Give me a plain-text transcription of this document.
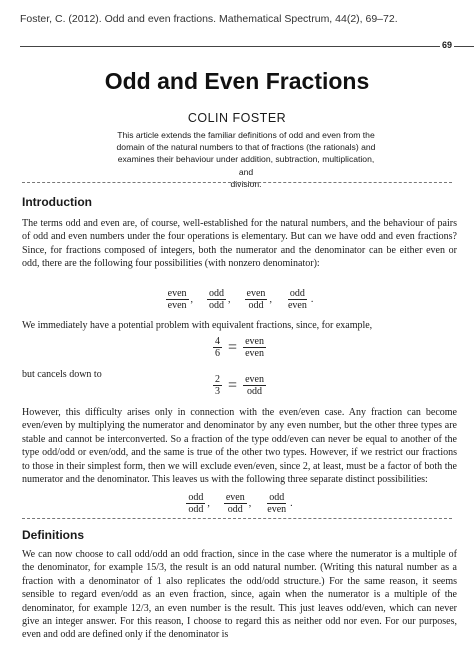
Foster, C. (2012). Odd and even fractions. Mathematical Spectrum, 44(2), 69–72.
69
Odd and Even Fractions
COLIN FOSTER
This article extends the familiar definitions of odd and even from the
domain of the natural numbers to that of fractions (the rationals) and
examines their behaviour under addition, subtraction, multiplication, and
division.
Introduction
The terms odd and even are, of course, well-established for the natural numbers, and the behaviour of pairs of odd and even numbers under the four operations is elementary. But can we have odd and even fractions? Since, for fractions composed of integers, both the numerator and the denominator can be either even or odd, there are the following four possibilities (with nonzero denominator):
$\frac{\text{even}}{\text{even}}$ , $\frac{\text{odd}}{\text{odd}}$ , $\frac{\text{even}}{\text{odd}}$ , $\frac{\text{odd}}{\text{even}}$ .
We immediately have a potential problem with equivalent fractions, since, for example,
$\frac{4}{6} = \frac{\text{even}}{\text{even}}$
but cancels down to	$\frac{2}{3} = \frac{\text{even}}{\text{odd}}$
However, this difficulty arises only in connection with the even/even case. Any fraction can become even/even by multiplying the numerator and denominator by any even number, but the other three types are stable and cannot be interconverted. So a fraction of the type odd/even can never be equal to another of the type odd/odd or even/odd, and the same is true of the other two types. However, if we restrict our fractions to those in their simplest form, then we will exclude even/even, since 2, at least, must be a factor of both the numerator and the denominator. This leaves us with the following three separate distinct possibilities:
$\frac{\text{odd}}{\text{odd}}$ , $\frac{\text{even}}{\text{odd}}$ , $\frac{\text{odd}}{\text{even}}$ .
Definitions
We can now choose to call odd/odd an odd fraction, since in the case where the numerator is a multiple of the denominator, for example 15/3, the result is an odd natural number. (Writing this natural number as a fraction with a denominator of 1 also replicates the odd/odd structure.) For the same reason, it seems sensible to regard even/odd as an even fraction, since, again when the numerator is a multiple of the denominator, for example 12/3, an even number is the result. This just leaves odd/even, which can never give an integer answer. For this reason, I choose to regard this as neither odd nor even. For our purposes, even and odd are defined only if the denominator is
